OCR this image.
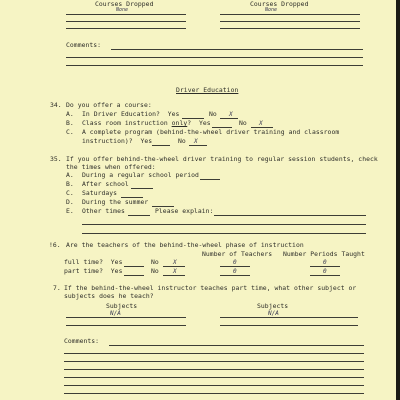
Courses Dropped
None
Courses Dropped
None
Comments:
Driver Education
34. Do you offer a course:
A. In Driver Education?  Yes	No X
B. Class room instruction only?  Yes	No X
C. A complete program (behind-the-wheel driver training and classroom
instruction)?  Yes	No X
35. If you offer behind-the-wheel driver training to regular session students, check
the times when offered:
A. During a regular school period
B. After school
C. Saturdays
D. During the summer
E. Other times	Please explain:
!6. Are the teachers of the behind-the-wheel phase of instruction
Number of Teachers Number Periods Taught
full time?  Yes	No X	0	0
part time?  Yes	No X	0	0
7. If the behind-the-wheel instructor teaches part time, what other subject or
subjects does he teach?
Subjects	Subjects
N/A	N/A
Comments:
